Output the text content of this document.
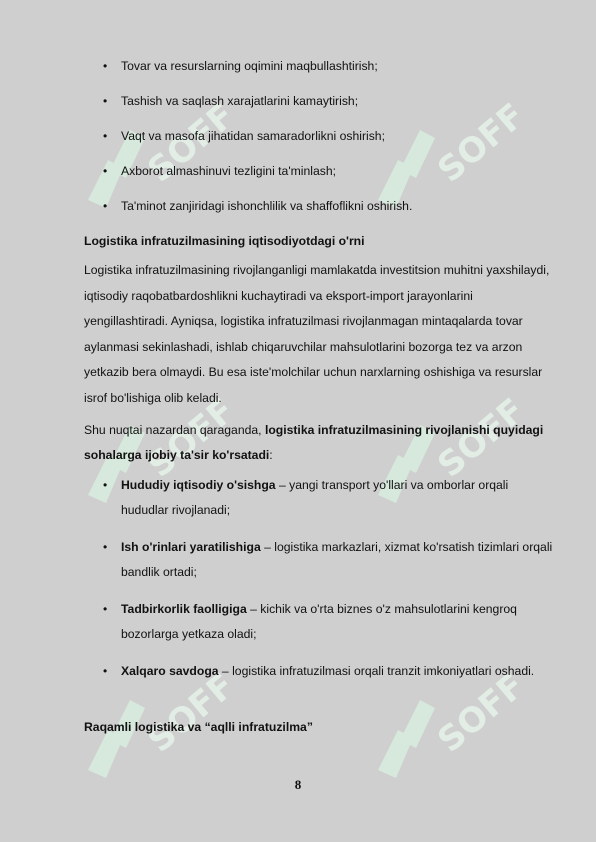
SOFF	SOFF
SOFF	SOFF
SOFF	SOFF
• Tovar va resurslarning oqimini maqbullashtirish;
• Tashish va saqlash xarajatlarini kamaytirish;
• Vaqt va masofa jihatidan samaradorlikni oshirish;
• Axborot almashinuvi tezligini ta'minlash;
• Ta'minot zanjiridagi ishonchlilik va shaffoflikni oshirish.
Logistika infratuzilmasining iqtisodiyotdagi o'rni
Logistika infratuzilmasining rivojlanganligi mamlakatda investitsion muhitni yaxshilaydi, iqtisodiy raqobatbardoshlikni kuchaytiradi va eksport-import jarayonlarini yengillashtiradi. Ayniqsa, logistika infratuzilmasi rivojlanmagan mintaqalarda tovar aylanmasi sekinlashadi, ishlab chiqaruvchilar mahsulotlarini bozorga tez va arzon yetkazib bera olmaydi. Bu esa iste'molchilar uchun narxlarning oshishiga va resurslar isrof bo'lishiga olib keladi.
Shu nuqtai nazardan qaraganda, logistika infratuzilmasining rivojlanishi quyidagi sohalarga ijobiy ta'sir ko'rsatadi:
• Hududiy iqtisodiy o'sishga – yangi transport yo'llari va omborlar orqali hududlar rivojlanadi;
• Ish o'rinlari yaratilishiga – logistika markazlari, xizmat ko'rsatish tizimlari orqali bandlik ortadi;
• Tadbirkorlik faolligiga – kichik va o'rta biznes o'z mahsulotlarini kengroq bozorlarga yetkaza oladi;
• Xalqaro savdoga – logistika infratuzilmasi orqali tranzit imkoniyatlari oshadi.
Raqamli logistika va “aqlli infratuzilma”
8
